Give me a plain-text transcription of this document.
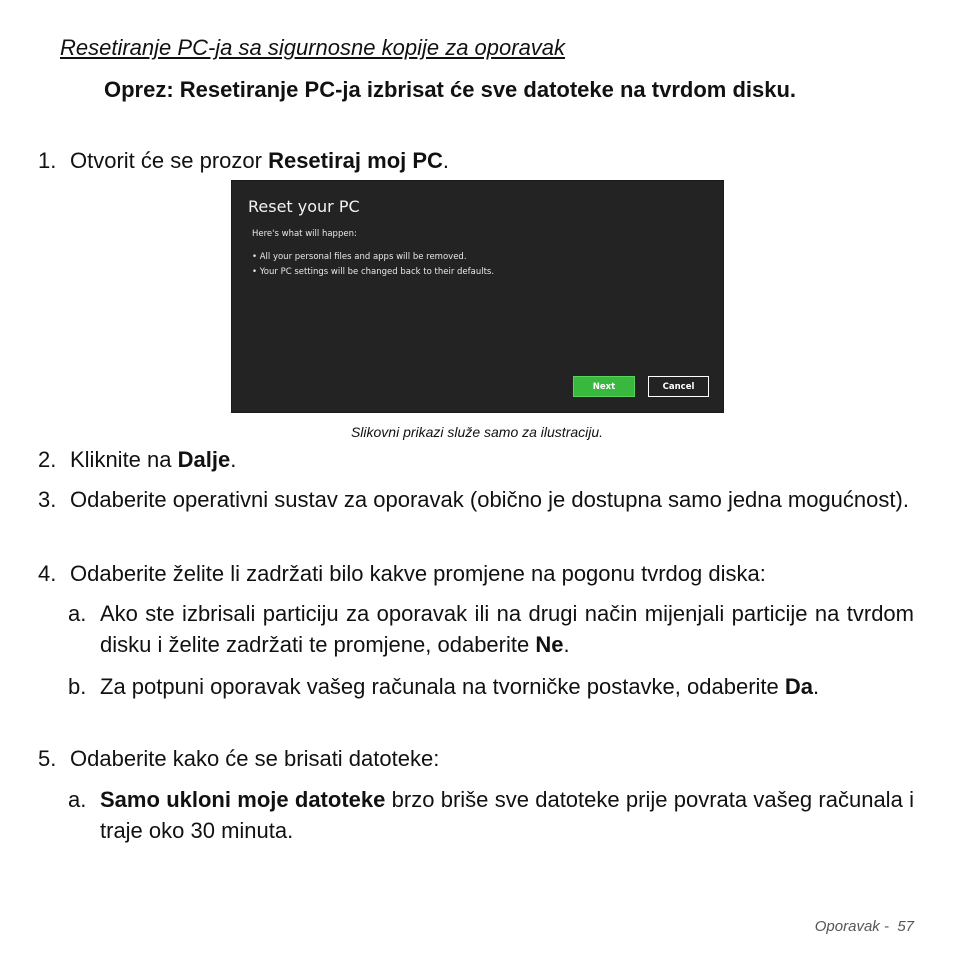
Resetiranje PC-ja sa sigurnosne kopije za oporavak
Oprez: Resetiranje PC-ja izbrisat će sve datoteke na tvrdom disku.
1. Otvorit će se prozor Resetiraj moj PC.
Reset your PC
Here's what will happen:
• All your personal files and apps will be removed.
• Your PC settings will be changed back to their defaults.
Next	Cancel
Slikovni prikazi služe samo za ilustraciju.
2. Kliknite na Dalje.
3. Odaberite operativni sustav za oporavak (obično je dostupna samo jedna mogućnost).
4. Odaberite želite li zadržati bilo kakve promjene na pogonu tvrdog diska:
a. Ako ste izbrisali particiju za oporavak ili na drugi način mijenjali particije na tvrdom disku i želite zadržati te promjene, odaberite Ne.
b. Za potpuni oporavak vašeg računala na tvorničke postavke, odaberite Da.
5. Odaberite kako će se brisati datoteke:
a. Samo ukloni moje datoteke brzo briše sve datoteke prije povrata vašeg računala i traje oko 30 minuta.
Oporavak - 57
